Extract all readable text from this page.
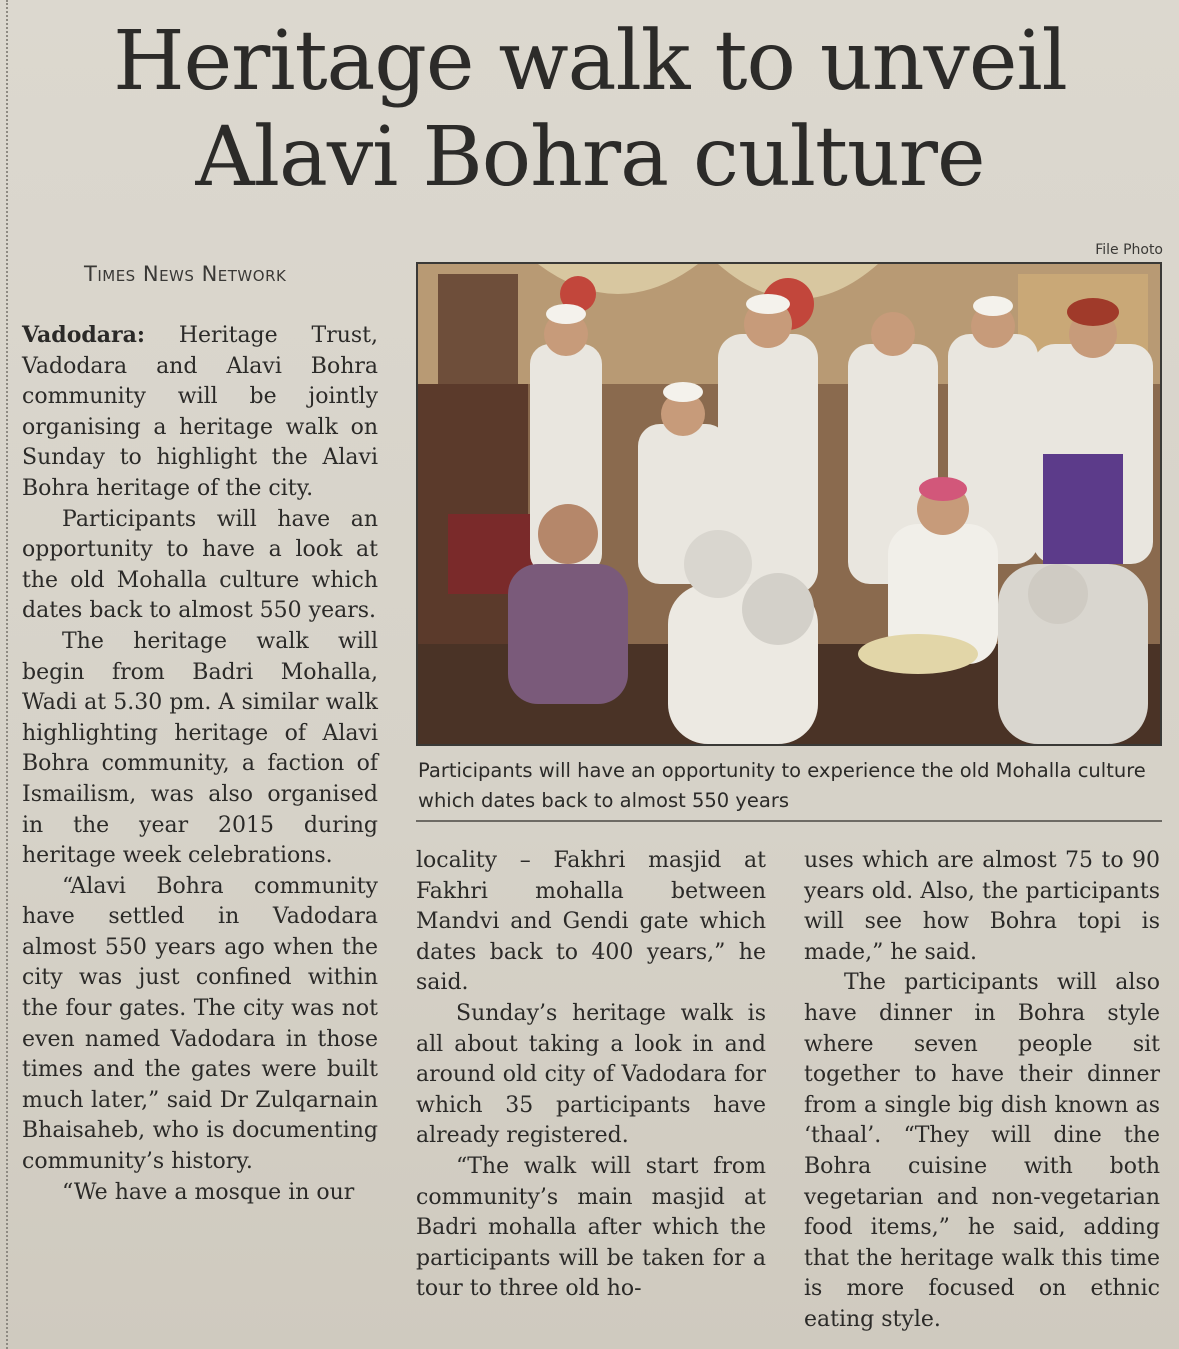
Heritage walk to unveil
Alavi Bohra culture
Times News Network
File Photo
Participants will have an opportunity to experience the old Mohalla culture which dates back to almost 550 years

Vadodara: Heritage Trust, Vadodara and Alavi Bohra community will be jointly organising a heritage walk on Sunday to highlight the Alavi Bohra heritage of the city.

Participants will have an opportunity to have a look at the old Mohalla culture which dates back to almost 550 years.

The heritage walk will begin from Badri Mohalla, Wadi at 5.30 pm. A similar walk highlighting heritage of Alavi Bohra community, a faction of Ismailism, was also organised in the year 2015 during heritage week celebrations.

“Alavi Bohra community have settled in Vadodara almost 550 years ago when the city was just confined within the four gates. The city was not even named Vadodara in those times and the gates were built much later,” said Dr Zulqarnain Bhaisaheb, who is documenting community’s history.

“We have a mosque in our

locality – Fakhri masjid at Fakhri mohalla between Mandvi and Gendi gate which dates back to 400 years,” he said.

Sunday’s heritage walk is all about taking a look in and around old city of Vadodara for which 35 participants have already registered.

“The walk will start from community’s main masjid at Badri mohalla after which the participants will be taken for a tour to three old ho-

uses which are almost 75 to 90 years old. Also, the participants will see how Bohra topi is made,” he said.

The participants will also have dinner in Bohra style where seven people sit together to have their dinner from a single big dish known as ‘thaal’. “They will dine the Bohra cuisine with both vegetarian and non-vegetarian food items,” he said, adding that the heritage walk this time is more focused on ethnic eating style.
